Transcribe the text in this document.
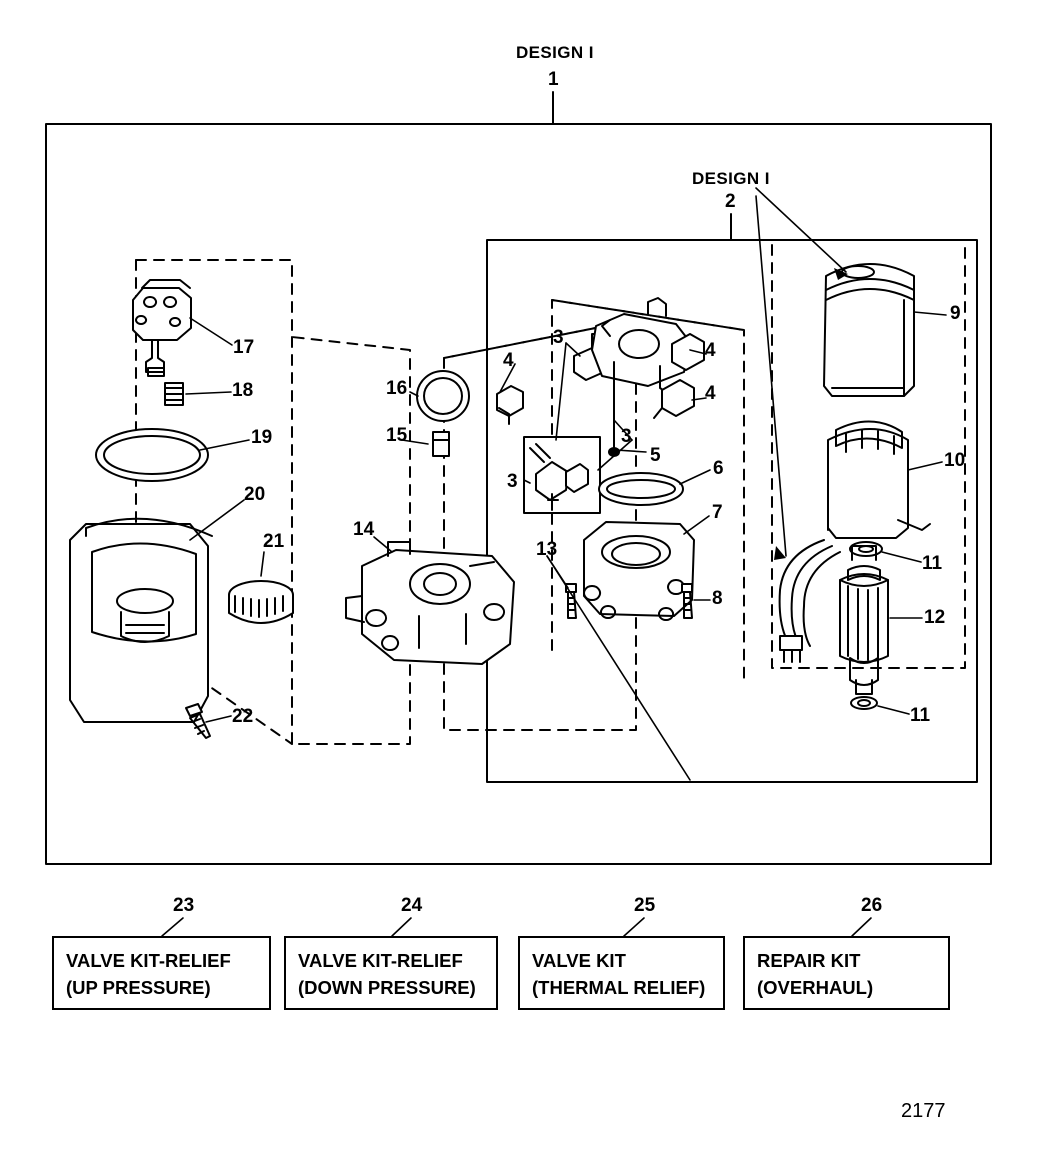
DESIGN I
DESIGN I
1
2
3
3
3
4	4
4
5
6
7
8
9
10
11
12
11
13
14
15
16
17
18
19
20
21
22
23	24	25	26
VALVE KIT-RELIEF
(UP PRESSURE)
VALVE KIT-RELIEF
(DOWN PRESSURE)
VALVE KIT
(THERMAL RELIEF)
REPAIR KIT
(OVERHAUL)
2177
